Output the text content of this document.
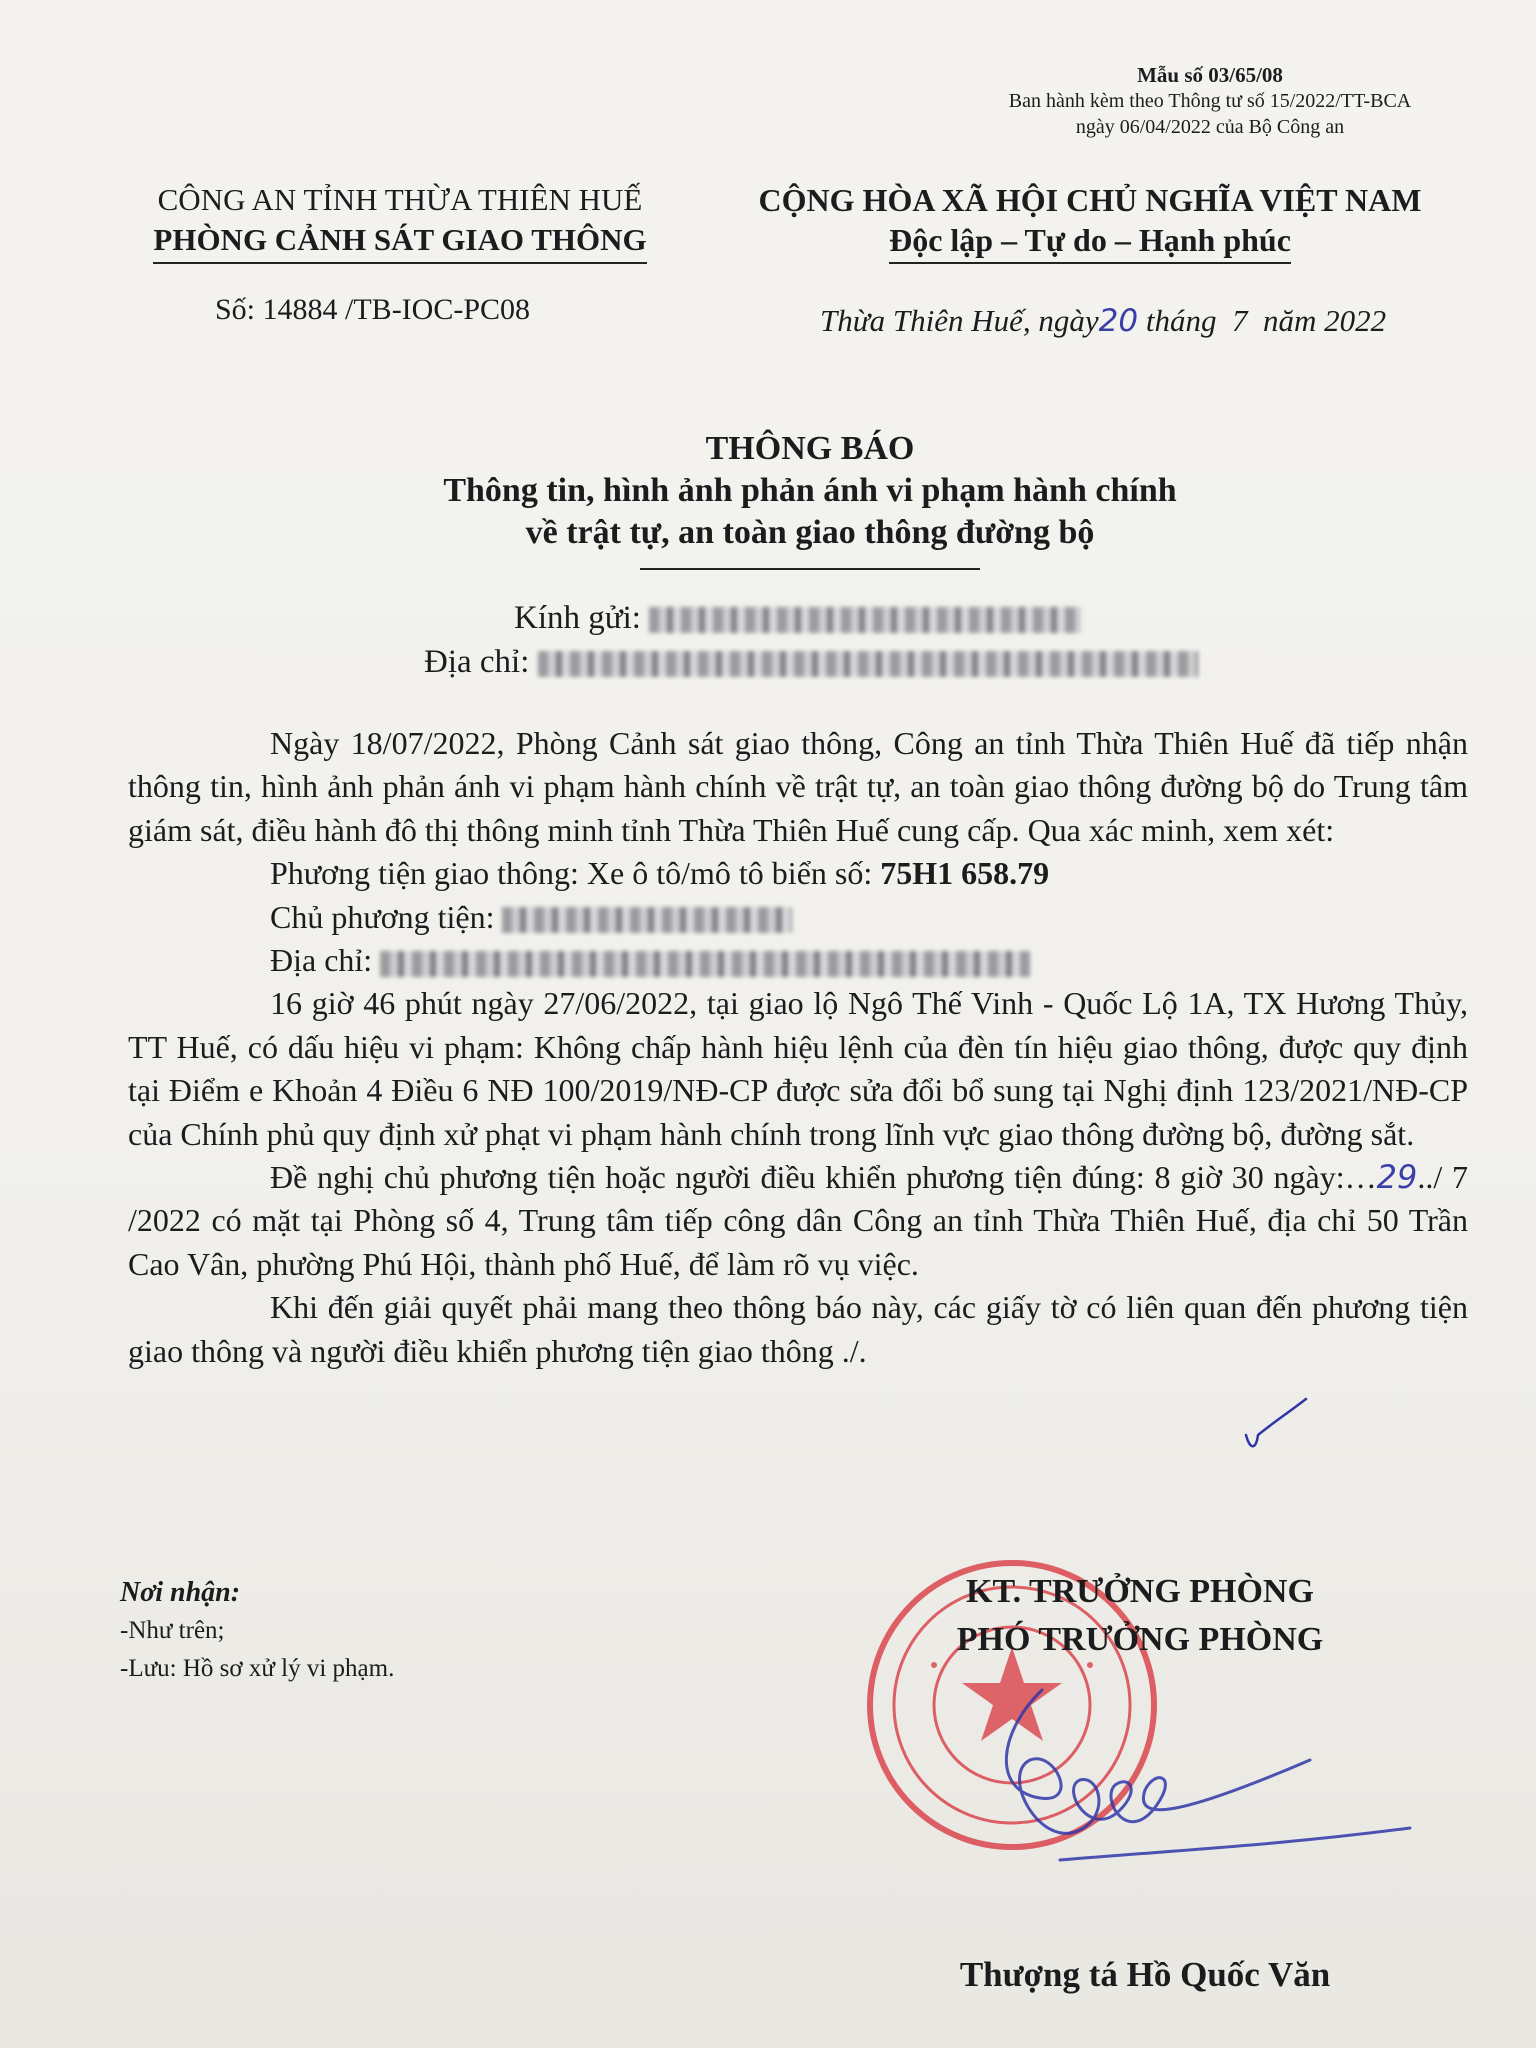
Mẫu số 03/65/08
Ban hành kèm theo Thông tư số 15/2022/TT-BCA
ngày 06/04/2022 của Bộ Công an
CÔNG AN TỈNH THỪA THIÊN HUẾ
PHÒNG CẢNH SÁT GIAO THÔNG
CỘNG HÒA XÃ HỘI CHỦ NGHĨA VIỆT NAM
Độc lập – Tự do – Hạnh phúc
Số: 14884 /TB-IOC-PC08	Thừa Thiên Huế, ngày20 tháng 7 năm 2022
THÔNG BÁO
Thông tin, hình ảnh phản ánh vi phạm hành chính
về trật tự, an toàn giao thông đường bộ
Kính gửi:
Địa chỉ:

Ngày 18/07/2022, Phòng Cảnh sát giao thông, Công an tỉnh Thừa Thiên Huế đã tiếp nhận thông tin, hình ảnh phản ánh vi phạm hành chính về trật tự, an toàn giao thông đường bộ do Trung tâm giám sát, điều hành đô thị thông minh tỉnh Thừa Thiên Huế cung cấp. Qua xác minh, xem xét:

Phương tiện giao thông: Xe ô tô/mô tô biển số: 75H1 658.79

Chủ phương tiện:

Địa chỉ:

16 giờ 46 phút ngày 27/06/2022, tại giao lộ Ngô Thế Vinh - Quốc Lộ 1A, TX Hương Thủy, TT Huế, có dấu hiệu vi phạm: Không chấp hành hiệu lệnh của đèn tín hiệu giao thông, được quy định tại Điểm e Khoản 4 Điều 6 NĐ 100/2019/NĐ-CP được sửa đổi bổ sung tại Nghị định 123/2021/NĐ-CP của Chính phủ quy định xử phạt vi phạm hành chính trong lĩnh vực giao thông đường bộ, đường sắt.

Đề nghị chủ phương tiện hoặc người điều khiển phương tiện đúng: 8 giờ 30 ngày:…29../ 7 /2022 có mặt tại Phòng số 4, Trung tâm tiếp công dân Công an tỉnh Thừa Thiên Huế, địa chỉ 50 Trần Cao Vân, phường Phú Hội, thành phố Huế, để làm rõ vụ việc.

Khi đến giải quyết phải mang theo thông báo này, các giấy tờ có liên quan đến phương tiện giao thông và người điều khiển phương tiện giao thông ./.

Nơi nhận:
-Như trên;
-Lưu: Hồ sơ xử lý vi phạm.
KT. TRƯỞNG PHÒNG
PHÓ TRƯỞNG PHÒNG
Thượng tá Hồ Quốc Văn
